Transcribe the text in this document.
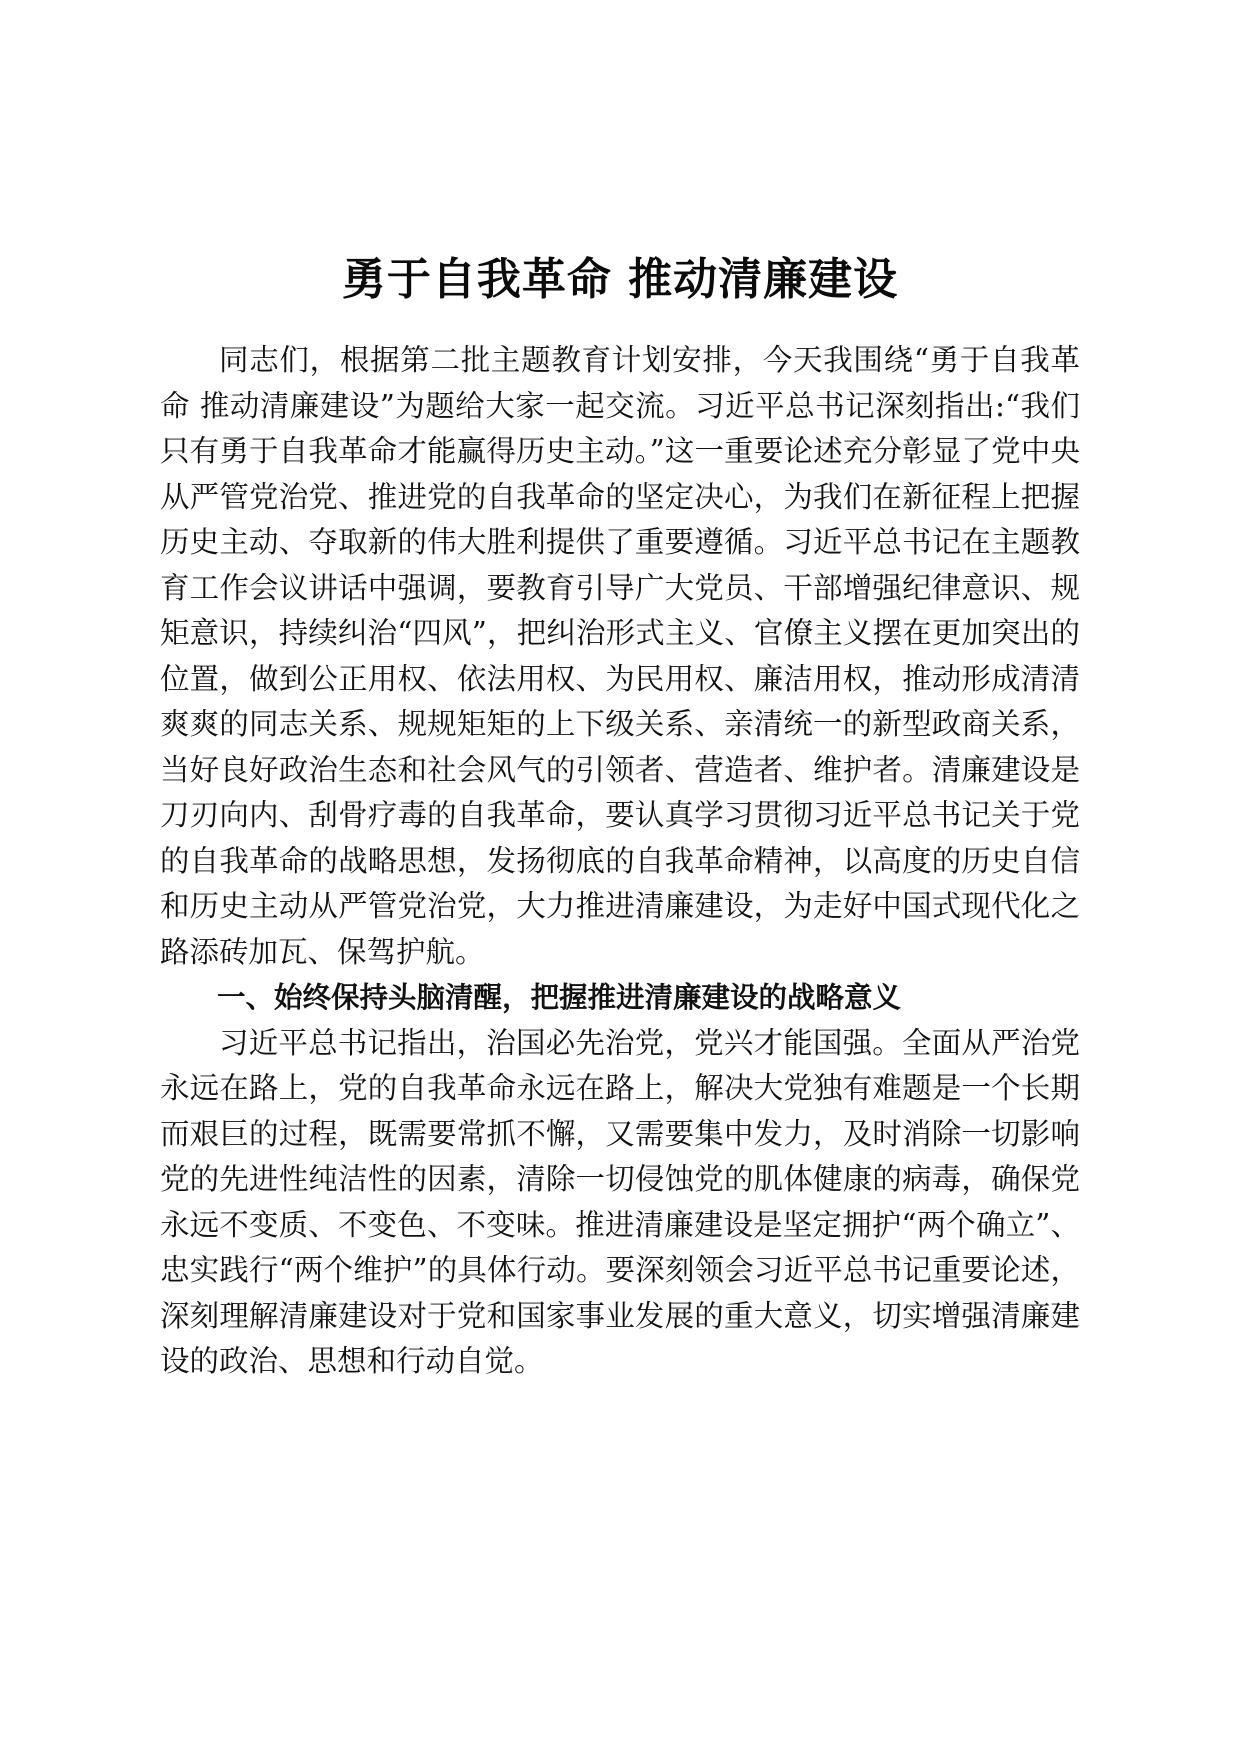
勇于自我革命 推动清廉建设

同志们，根据第二批主题教育计划安排，今天我围绕“勇于自我革命 推动清廉建设”为题给大家一起交流。习近平总书记深刻指出:“我们只有勇于自我革命才能赢得历史主动。”这一重要论述充分彰显了党中央从严管党治党、推进党的自我革命的坚定决心，为我们在新征程上把握历史主动、夺取新的伟大胜利提供了重要遵循。习近平总书记在主题教育工作会议讲话中强调，要教育引导广大党员、干部增强纪律意识、规矩意识，持续纠治“四风”，把纠治形式主义、官僚主义摆在更加突出的位置，做到公正用权、依法用权、为民用权、廉洁用权，推动形成清清爽爽的同志关系、规规矩矩的上下级关系、亲清统一的新型政商关系，当好良好政治生态和社会风气的引领者、营造者、维护者。清廉建设是刀刃向内、刮骨疗毒的自我革命，要认真学习贯彻习近平总书记关于党的自我革命的战略思想，发扬彻底的自我革命精神，以高度的历史自信和历史主动从严管党治党，大力推进清廉建设，为走好中国式现代化之路添砖加瓦、保驾护航。

一、始终保持头脑清醒，把握推进清廉建设的战略意义

习近平总书记指出，治国必先治党，党兴才能国强。全面从严治党永远在路上，党的自我革命永远在路上，解决大党独有难题是一个长期而艰巨的过程，既需要常抓不懈，又需要集中发力，及时消除一切影响党的先进性纯洁性的因素，清除一切侵蚀党的肌体健康的病毒，确保党永远不变质、不变色、不变味。推进清廉建设是坚定拥护“两个确立”、忠实践行“两个维护”的具体行动。要深刻领会习近平总书记重要论述，深刻理解清廉建设对于党和国家事业发展的重大意义，切实增强清廉建设的政治、思想和行动自觉。
